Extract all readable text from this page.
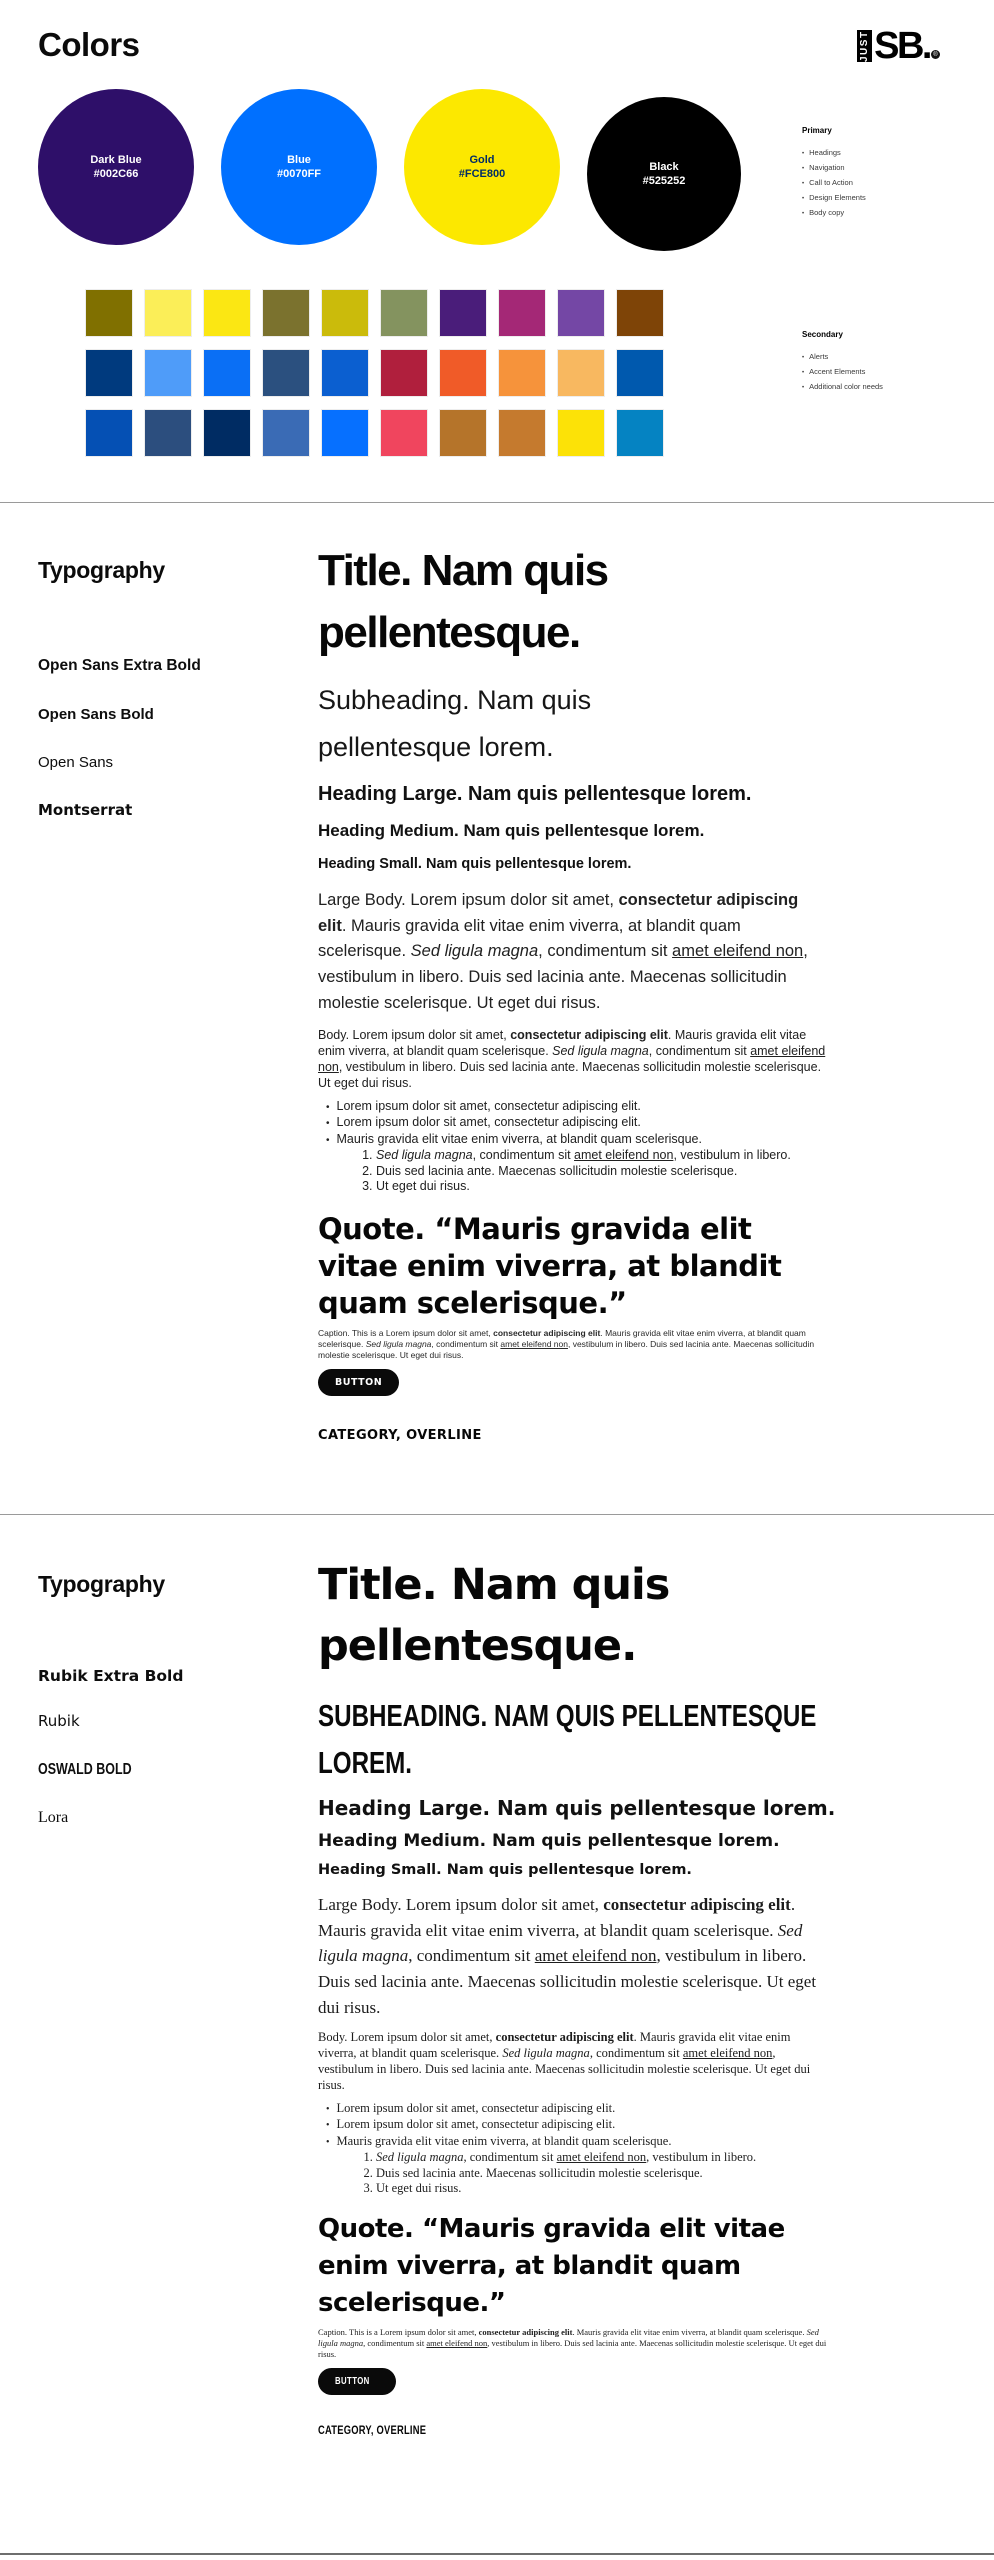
Colors	JUST SB. ®
Dark Blue
#002C66
Blue
#0070FF
Gold
#FCE800
Black
#525252
Primary
• Headings
• Navigation
• Call to Action
• Design Elements
• Body copy
Secondary
• Alerts
• Accent Elements
• Additional color needs
Typography
Open Sans Extra Bold
Open Sans Bold
Open Sans
Montserrat
Title. Nam quis pellentesque.

Subheading. Nam quis pellentesque lorem.

Heading Large. Nam quis pellentesque lorem.
Heading Medium. Nam quis pellentesque lorem.
Heading Small. Nam quis pellentesque lorem.

Large Body. Lorem ipsum dolor sit amet, consectetur adipiscing elit. Mauris gravida elit vitae enim viverra, at blandit quam scelerisque. Sed ligula magna, condimentum sit amet eleifend non, vestibulum in libero. Duis sed lacinia ante. Maecenas sollicitudin molestie scelerisque. Ut eget dui risus.

Body. Lorem ipsum dolor sit amet, consectetur adipiscing elit. Mauris gravida elit vitae enim viverra, at blandit quam scelerisque. Sed ligula magna, condimentum sit amet eleifend non, vestibulum in libero. Duis sed lacinia ante. Maecenas sollicitudin molestie scelerisque. Ut eget dui risus.

• Lorem ipsum dolor sit amet, consectetur adipiscing elit.
• Lorem ipsum dolor sit amet, consectetur adipiscing elit.
• Mauris gravida elit vitae enim viverra, at blandit quam scelerisque.
1. Sed ligula magna, condimentum sit amet eleifend non, vestibulum in libero.
2. Duis sed lacinia ante. Maecenas sollicitudin molestie scelerisque.
3. Ut eget dui risus.
Quote. “Mauris gravida elit vitae enim viverra, at blandit quam scelerisque.”

Caption. This is a Lorem ipsum dolor sit amet, consectetur adipiscing elit. Mauris gravida elit vitae enim viverra, at blandit quam scelerisque. Sed ligula magna, condimentum sit amet eleifend non, vestibulum in libero. Duis sed lacinia ante. Maecenas sollicitudin molestie scelerisque. Ut eget dui risus.

BUTTON
CATEGORY, OVERLINE
Typography
Rubik Extra Bold
Rubik
OSWALD BOLD
Lora
Title. Nam quis pellentesque.

SUBHEADING. NAM QUIS PELLENTESQUE LOREM.

Heading Large. Nam quis pellentesque lorem.
Heading Medium. Nam quis pellentesque lorem.
Heading Small. Nam quis pellentesque lorem.

Large Body. Lorem ipsum dolor sit amet, consectetur adipiscing elit. Mauris gravida elit vitae enim viverra, at blandit quam scelerisque. Sed ligula magna, condimentum sit amet eleifend non, vestibulum in libero. Duis sed lacinia ante. Maecenas sollicitudin molestie scelerisque. Ut eget dui risus.

Body. Lorem ipsum dolor sit amet, consectetur adipiscing elit. Mauris gravida elit vitae enim viverra, at blandit quam scelerisque. Sed ligula magna, condimentum sit amet eleifend non, vestibulum in libero. Duis sed lacinia ante. Maecenas sollicitudin molestie scelerisque. Ut eget dui risus.

• Lorem ipsum dolor sit amet, consectetur adipiscing elit.
• Lorem ipsum dolor sit amet, consectetur adipiscing elit.
• Mauris gravida elit vitae enim viverra, at blandit quam scelerisque.
1. Sed ligula magna, condimentum sit amet eleifend non, vestibulum in libero.
2. Duis sed lacinia ante. Maecenas sollicitudin molestie scelerisque.
3. Ut eget dui risus.
Quote. “Mauris gravida elit vitae enim viverra, at blandit quam scelerisque.”

Caption. This is a Lorem ipsum dolor sit amet, consectetur adipiscing elit. Mauris gravida elit vitae enim viverra, at blandit quam scelerisque. Sed ligula magna, condimentum sit amet eleifend non, vestibulum in libero. Duis sed lacinia ante. Maecenas sollicitudin molestie scelerisque. Ut eget dui risus.

BUTTON
CATEGORY, OVERLINE
